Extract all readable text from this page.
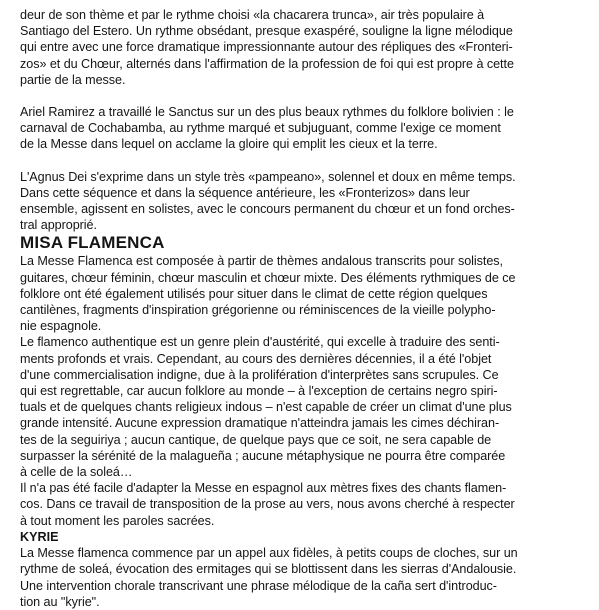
deur de son thème et par le rythme choisi «la chacarera trunca», air très populaire à
Santiago del Estero. Un rythme obsédant, presque exaspéré, souligne la ligne mélodique
qui entre avec une force dramatique impressionnante autour des répliques des «Fronteri-
zos» et du Chœur, alternés dans l'affirmation de la profession de foi qui est propre à cette
partie de la messe.

Ariel Ramirez a travaillé le Sanctus sur un des plus beaux rythmes du folklore bolivien : le
carnaval de Cochabamba, au rythme marqué et subjuguant, comme l'exige ce moment
de la Messe dans lequel on acclame la gloire qui emplit les cieux et la terre.

L'Agnus Dei s'exprime dans un style très «pampeano», solennel et doux en même temps.
Dans cette séquence et dans la séquence antérieure, les «Fronterizos» dans leur
ensemble, agissent en solistes, avec le concours permanent du chœur et un fond orches-
tral approprié.

MISA FLAMENCA

La Messe Flamenca est composée à partir de thèmes andalous transcrits pour solistes,
guitares, chœur féminin, chœur masculin et chœur mixte. Des éléments rythmiques de ce
folklore ont été également utilisés pour situer dans le climat de cette région quelques
cantilènes, fragments d'inspiration grégorienne ou réminiscences de la vieille polypho-
nie espagnole.

Le flamenco authentique est un genre plein d'austérité, qui excelle à traduire des senti-
ments profonds et vrais. Cependant, au cours des dernières décennies, il a été l'objet
d'une commercialisation indigne, due à la prolifération d'interprètes sans scrupules. Ce
qui est regrettable, car aucun folklore au monde – à l'exception de certains negro spiri-
tuals et de quelques chants religieux indous – n'est capable de créer un climat d'une plus
grande intensité. Aucune expression dramatique n'atteindra jamais les cimes déchiran-
tes de la seguiriya ; aucun cantique, de quelque pays que ce soit, ne sera capable de
surpasser la sérénité de la malagueña ; aucune métaphysique ne pourra être comparée
à celle de la soleá…

Il n'a pas été facile d'adapter la Messe en espagnol aux mètres fixes des chants flamen-
cos. Dans ce travail de transposition de la prose au vers, nous avons cherché à respecter
à tout moment les paroles sacrées.

KYRIE

La Messe flamenca commence par un appel aux fidèles, à petits coups de cloches, sur un
rythme de soleá, évocation des ermitages qui se blottissent dans les sierras d'Andalousie.
Une intervention chorale transcrivant une phrase mélodique de la caña sert d'introduc-
tion au "kyrie".
